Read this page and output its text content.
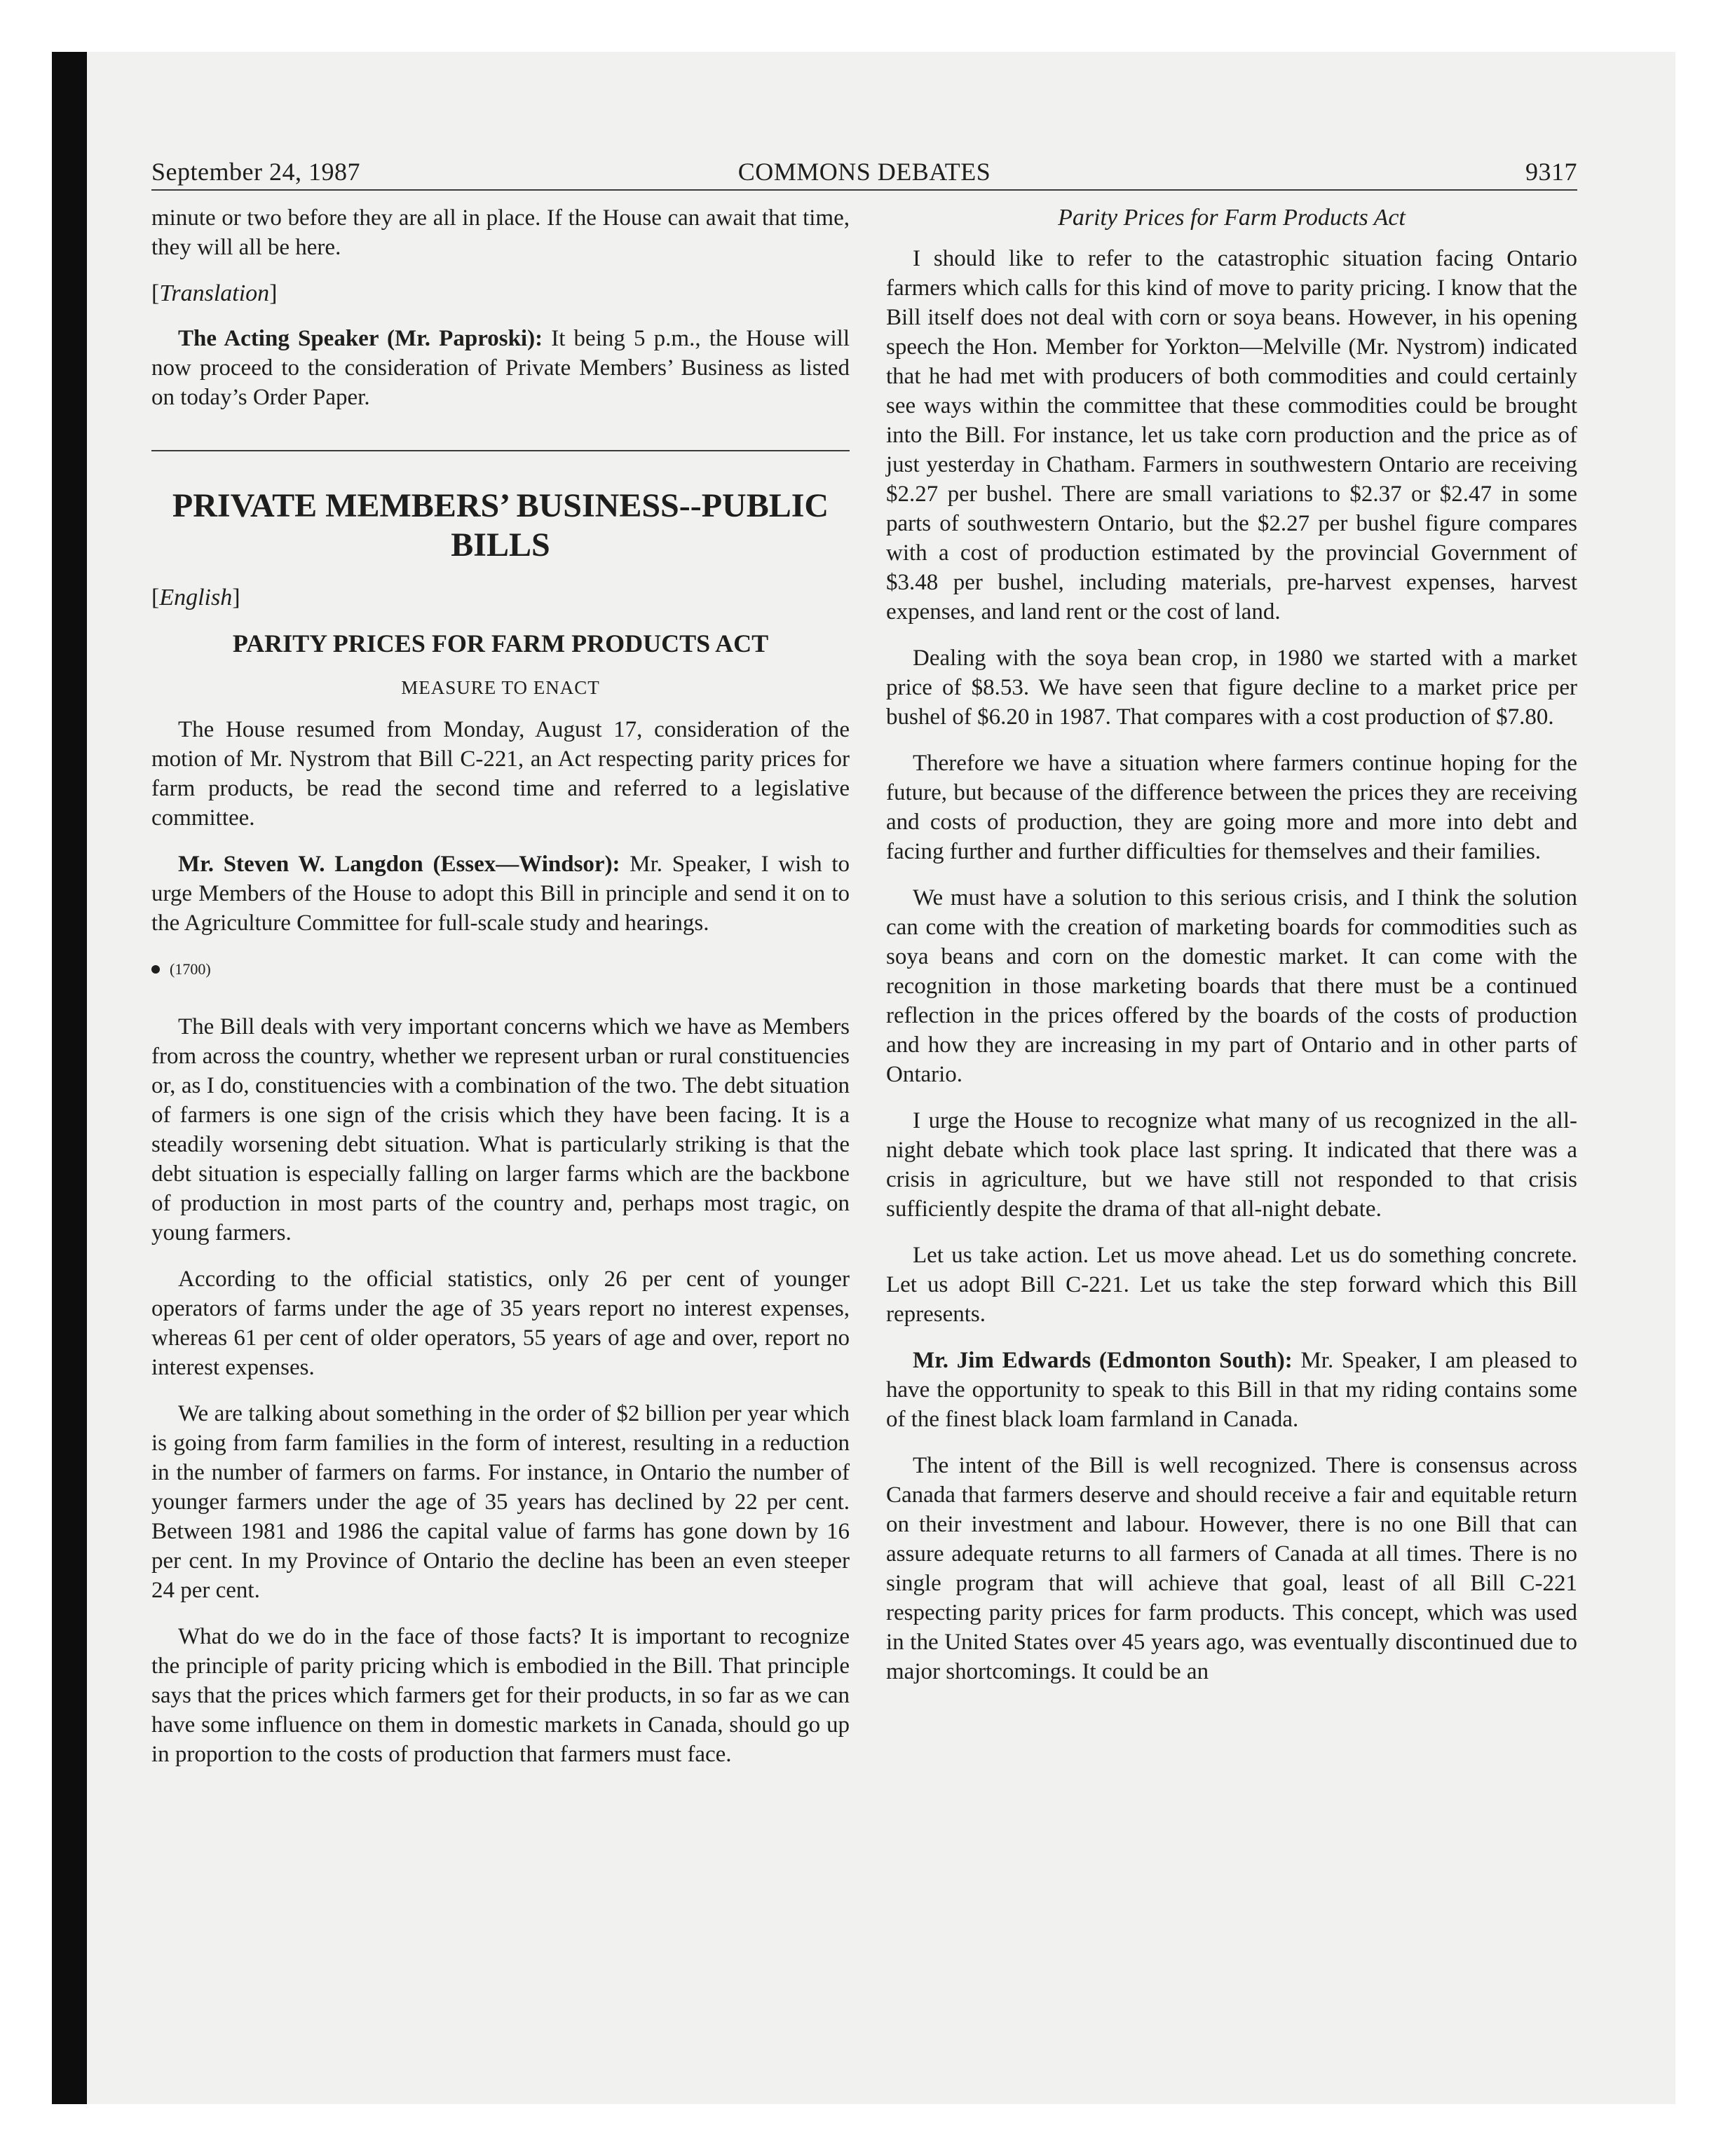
September 24, 1987	COMMONS DEBATES	9317

minute or two before they are all in place. If the House can await that time, they will all be here.

[Translation]

The Acting Speaker (Mr. Paproski): It being 5 p.m., the House will now proceed to the consideration of Private Members’ Business as listed on today’s Order Paper.

PRIVATE MEMBERS’ BUSINESS--PUBLIC BILLS

[English]

PARITY PRICES FOR FARM PRODUCTS ACT
MEASURE TO ENACT

The House resumed from Monday, August 17, consideration of the motion of Mr. Nystrom that Bill C-221, an Act respecting parity prices for farm products, be read the second time and referred to a legislative committee.

Mr. Steven W. Langdon (Essex—Windsor): Mr. Speaker, I wish to urge Members of the House to adopt this Bill in principle and send it on to the Agriculture Committee for full-scale study and hearings.

(1700)

The Bill deals with very important concerns which we have as Members from across the country, whether we represent urban or rural constituencies or, as I do, constituencies with a combination of the two. The debt situation of farmers is one sign of the crisis which they have been facing. It is a steadily worsening debt situation. What is particularly striking is that the debt situation is especially falling on larger farms which are the backbone of production in most parts of the country and, perhaps most tragic, on young farmers.

According to the official statistics, only 26 per cent of younger operators of farms under the age of 35 years report no interest expenses, whereas 61 per cent of older operators, 55 years of age and over, report no interest expenses.

We are talking about something in the order of $2 billion per year which is going from farm families in the form of interest, resulting in a reduction in the number of farmers on farms. For instance, in Ontario the number of younger farmers under the age of 35 years has declined by 22 per cent. Between 1981 and 1986 the capital value of farms has gone down by 16 per cent. In my Province of Ontario the decline has been an even steeper 24 per cent.

What do we do in the face of those facts? It is important to recognize the principle of parity pricing which is embodied in the Bill. That principle says that the prices which farmers get for their products, in so far as we can have some influence on them in domestic markets in Canada, should go up in proportion to the costs of production that farmers must face.

Parity Prices for Farm Products Act

I should like to refer to the catastrophic situation facing Ontario farmers which calls for this kind of move to parity pricing. I know that the Bill itself does not deal with corn or soya beans. However, in his opening speech the Hon. Member for Yorkton—Melville (Mr. Nystrom) indicated that he had met with producers of both commodities and could certainly see ways within the committee that these commodities could be brought into the Bill. For instance, let us take corn production and the price as of just yesterday in Chatham. Farmers in southwestern Ontario are receiving $2.27 per bushel. There are small variations to $2.37 or $2.47 in some parts of southwestern Ontario, but the $2.27 per bushel figure compares with a cost of production estimated by the provincial Government of $3.48 per bushel, including materials, pre-harvest expenses, harvest expenses, and land rent or the cost of land.

Dealing with the soya bean crop, in 1980 we started with a market price of $8.53. We have seen that figure decline to a market price per bushel of $6.20 in 1987. That compares with a cost production of $7.80.

Therefore we have a situation where farmers continue hoping for the future, but because of the difference between the prices they are receiving and costs of production, they are going more and more into debt and facing further and further difficulties for themselves and their families.

We must have a solution to this serious crisis, and I think the solution can come with the creation of marketing boards for commodities such as soya beans and corn on the domestic market. It can come with the recognition in those marketing boards that there must be a continued reflection in the prices offered by the boards of the costs of production and how they are increasing in my part of Ontario and in other parts of Ontario.

I urge the House to recognize what many of us recognized in the all-night debate which took place last spring. It indicated that there was a crisis in agriculture, but we have still not responded to that crisis sufficiently despite the drama of that all-night debate.

Let us take action. Let us move ahead. Let us do something concrete. Let us adopt Bill C-221. Let us take the step forward which this Bill represents.

Mr. Jim Edwards (Edmonton South): Mr. Speaker, I am pleased to have the opportunity to speak to this Bill in that my riding contains some of the finest black loam farmland in Canada.

The intent of the Bill is well recognized. There is consensus across Canada that farmers deserve and should receive a fair and equitable return on their investment and labour. However, there is no one Bill that can assure adequate returns to all farmers of Canada at all times. There is no single program that will achieve that goal, least of all Bill C-221 respecting parity prices for farm products. This concept, which was used in the United States over 45 years ago, was eventually discontinued due to major shortcomings. It could be an
